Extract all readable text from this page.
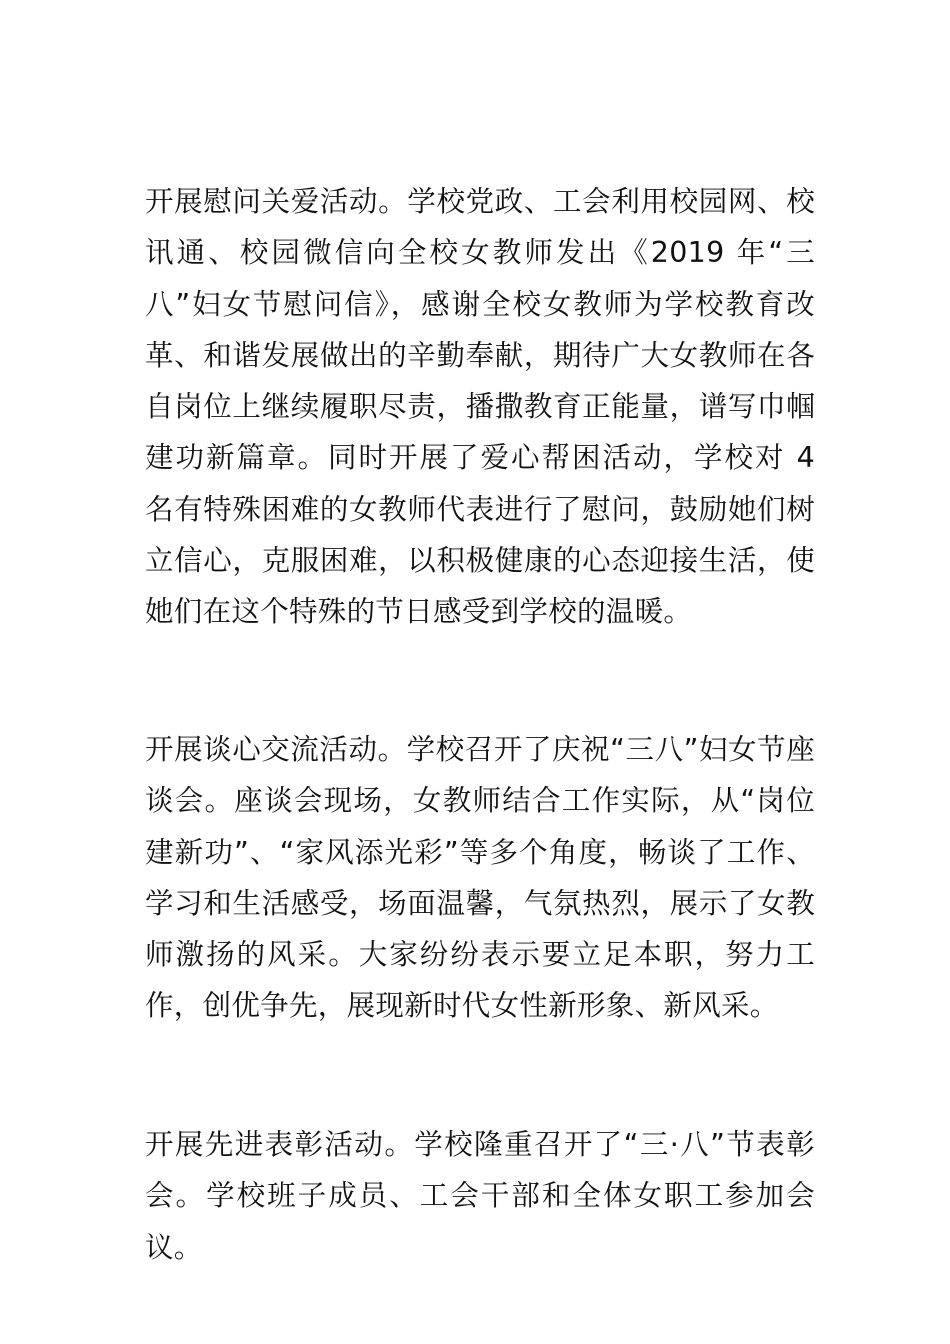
开展慰问关爱活动。学校党政、工会利用校园网、校讯通、校园微信向全校女教师发出《2019 年“三八”妇女节慰问信》，感谢全校女教师为学校教育改革、和谐发展做出的辛勤奉献，期待广大女教师在各自岗位上继续履职尽责，播撒教育正能量，谱写巾帼建功新篇章。同时开展了爱心帮困活动，学校对 4 名有特殊困难的女教师代表进行了慰问，鼓励她们树立信心，克服困难，以积极健康的心态迎接生活，使她们在这个特殊的节日感受到学校的温暖。

开展谈心交流活动。学校召开了庆祝“三八”妇女节座谈会。座谈会现场，女教师结合工作实际，从“岗位建新功”、“家风添光彩”等多个角度，畅谈了工作、学习和生活感受，场面温馨，气氛热烈，展示了女教师激扬的风采。大家纷纷表示要立足本职，努力工作，创优争先，展现新时代女性新形象、新风采。

开展先进表彰活动。学校隆重召开了“三·八”节表彰会。学校班子成员、工会干部和全体女职工参加会议。
